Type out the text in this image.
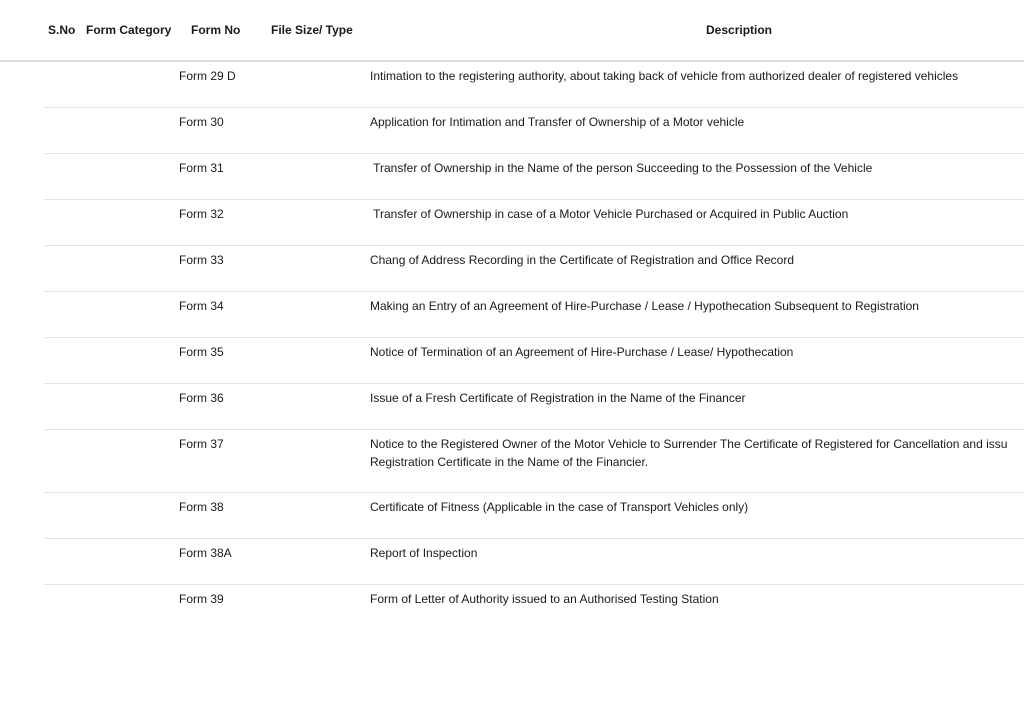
S.No Form Category Form No	File Size/ Type	Description
Form 29 D	Intimation to the registering authority, about taking back of vehicle from authorized dealer of registered vehicles
Form 30	Application for Intimation and Transfer of Ownership of a Motor vehicle
Form 31	Transfer of Ownership in the Name of the person Succeeding to the Possession of the Vehicle
Form 32	Transfer of Ownership in case of a Motor Vehicle Purchased or Acquired in Public Auction
Form 33	Chang of Address Recording in the Certificate of Registration and Office Record
Form 34	Making an Entry of an Agreement of Hire-Purchase / Lease / Hypothecation Subsequent to Registration
Form 35	Notice of Termination of an Agreement of Hire-Purchase / Lease/ Hypothecation
Form 36	Issue of a Fresh Certificate of Registration in the Name of the Financer
Form 37	Notice to the Registered Owner of the Motor Vehicle to Surrender The Certificate of Registered for Cancellation and issu
Registration Certificate in the Name of the Financier.
Form 38	Certificate of Fitness (Applicable in the case of Transport Vehicles only)
Form 38A	Report of Inspection
Form 39	Form of Letter of Authority issued to an Authorised Testing Station
